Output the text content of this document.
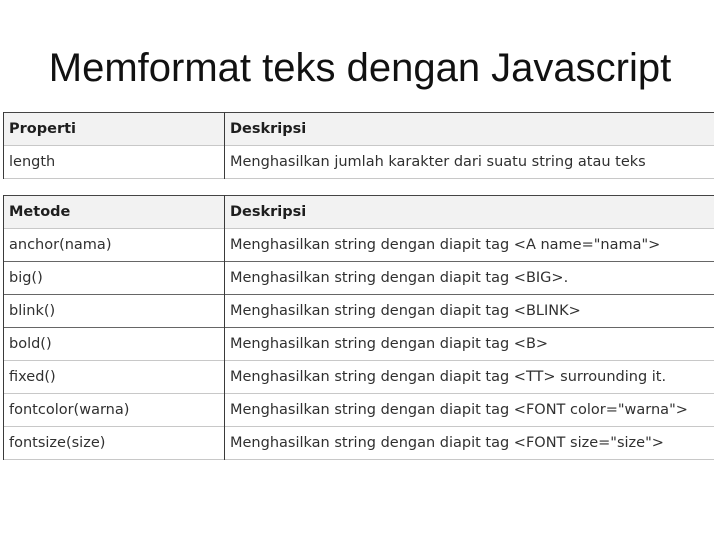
Memformat teks dengan Javascript
Properti	Deskripsi
length	Menghasilkan jumlah karakter dari suatu string atau teks
Metode	Deskripsi
anchor(nama)	Menghasilkan string dengan diapit tag <A name="nama">
big()	Menghasilkan string dengan diapit tag <BIG>.
blink()	Menghasilkan string dengan diapit tag <BLINK>
bold()	Menghasilkan string dengan diapit tag <B>
fixed()	Menghasilkan string dengan diapit tag <TT> surrounding it.
fontcolor(warna)	Menghasilkan string dengan diapit tag <FONT color="warna">
fontsize(size)	Menghasilkan string dengan diapit tag <FONT size="size">
